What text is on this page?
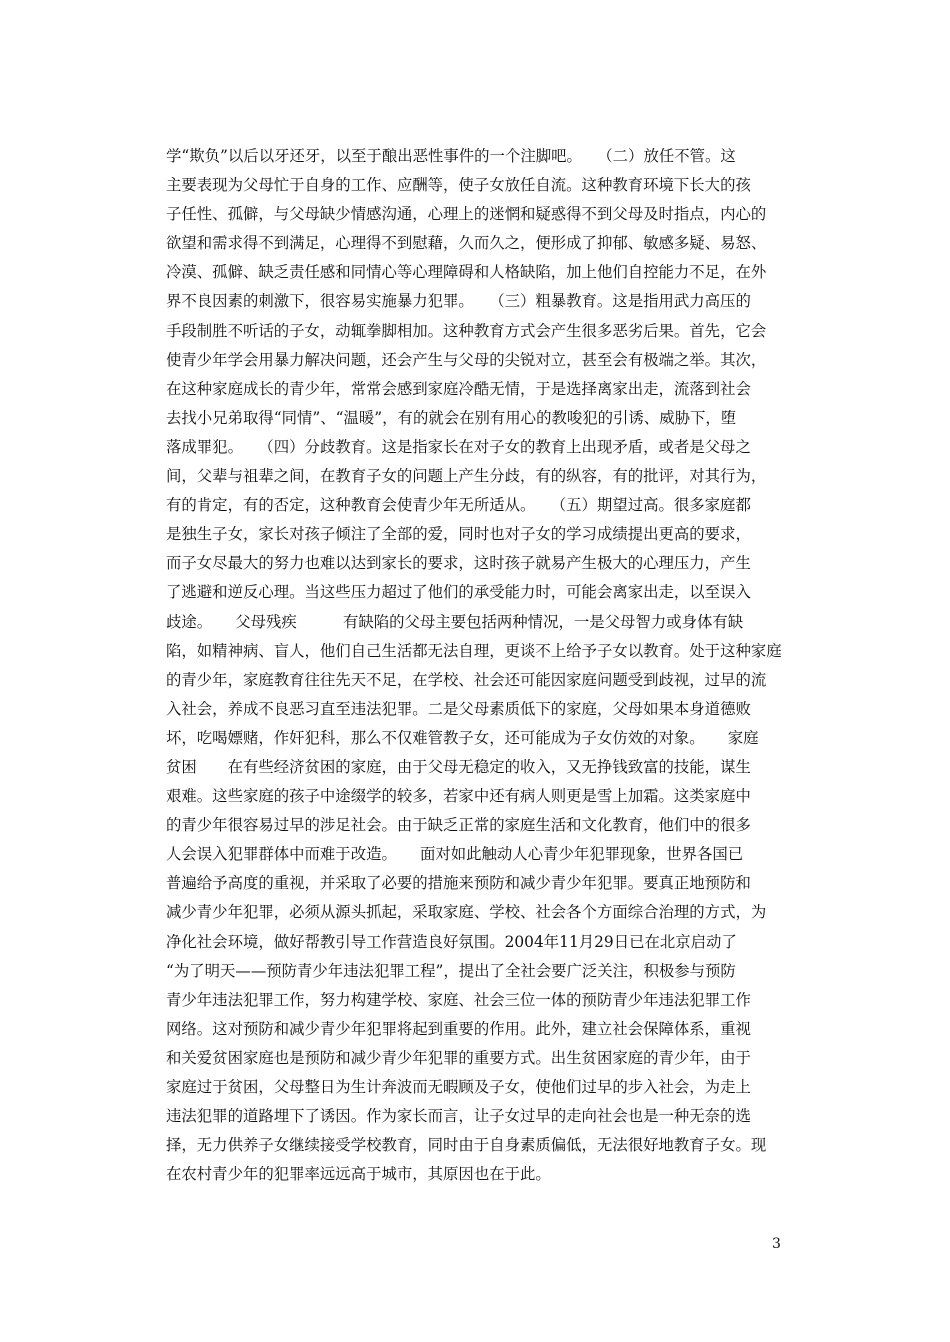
学“欺负”以后以牙还牙，以至于酿出恶性事件的一个注脚吧。　　（二）放任不管。这
主要表现为父母忙于自身的工作、应酬等，使子女放任自流。这种教育环境下长大的孩
子任性、孤僻，与父母缺少情感沟通，心理上的迷惘和疑惑得不到父母及时指点，内心的
欲望和需求得不到满足，心理得不到慰藉，久而久之，便形成了抑郁、敏感多疑、易怒、
冷漠、孤僻、缺乏责任感和同情心等心理障碍和人格缺陷，加上他们自控能力不足，在外
界不良因素的刺激下，很容易实施暴力犯罪。　　（三）粗暴教育。这是指用武力高压的
手段制胜不听话的子女，动辄拳脚相加。这种教育方式会产生很多恶劣后果。首先，它会
使青少年学会用暴力解决问题，还会产生与父母的尖锐对立，甚至会有极端之举。其次，
在这种家庭成长的青少年，常常会感到家庭冷酷无情，于是选择离家出走，流落到社会
去找小兄弟取得“同情”、“温暖”，有的就会在别有用心的教唆犯的引诱、威胁下，堕
落成罪犯。　　（四）分歧教育。这是指家长在对子女的教育上出现矛盾，或者是父母之
间，父辈与祖辈之间，在教育子女的问题上产生分歧，有的纵容，有的批评，对其行为，
有的肯定，有的否定，这种教育会使青少年无所适从。　　（五）期望过高。很多家庭都
是独生子女，家长对孩子倾注了全部的爱，同时也对子女的学习成绩提出更高的要求，
而子女尽最大的努力也难以达到家长的要求，这时孩子就易产生极大的心理压力，产生
了逃避和逆反心理。当这些压力超过了他们的承受能力时，可能会离家出走，以至误入
歧途。　　父母残疾　　　有缺陷的父母主要包括两种情况，一是父母智力或身体有缺
陷，如精神病、盲人，他们自己生活都无法自理，更谈不上给予子女以教育。处于这种家庭
的青少年，家庭教育往往先天不足，在学校、社会还可能因家庭问题受到歧视，过早的流
入社会，养成不良恶习直至违法犯罪。二是父母素质低下的家庭，父母如果本身道德败
坏，吃喝嫖赌，作奸犯科，那么不仅难管教子女，还可能成为子女仿效的对象。　　家庭
贫困　　在有些经济贫困的家庭，由于父母无稳定的收入，又无挣钱致富的技能，谋生
艰难。这些家庭的孩子中途缀学的较多，若家中还有病人则更是雪上加霜。这类家庭中
的青少年很容易过早的涉足社会。由于缺乏正常的家庭生活和文化教育，他们中的很多
人会误入犯罪群体中而难于改造。　　面对如此触动人心青少年犯罪现象，世界各国已
普遍给予高度的重视，并采取了必要的措施来预防和减少青少年犯罪。要真正地预防和
减少青少年犯罪，必须从源头抓起，采取家庭、学校、社会各个方面综合治理的方式，为
净化社会环境，做好帮教引导工作营造良好氛围。2004年11月29日已在北京启动了
“为了明天——预防青少年违法犯罪工程”，提出了全社会要广泛关注，积极参与预防
青少年违法犯罪工作，努力构建学校、家庭、社会三位一体的预防青少年违法犯罪工作
网络。这对预防和减少青少年犯罪将起到重要的作用。此外，建立社会保障体系，重视
和关爱贫困家庭也是预防和减少青少年犯罪的重要方式。出生贫困家庭的青少年，由于
家庭过于贫困，父母整日为生计奔波而无暇顾及子女，使他们过早的步入社会，为走上
违法犯罪的道路埋下了诱因。作为家长而言，让子女过早的走向社会也是一种无奈的选
择，无力供养子女继续接受学校教育，同时由于自身素质偏低，无法很好地教育子女。现
在农村青少年的犯罪率远远高于城市，其原因也在于此。
3
